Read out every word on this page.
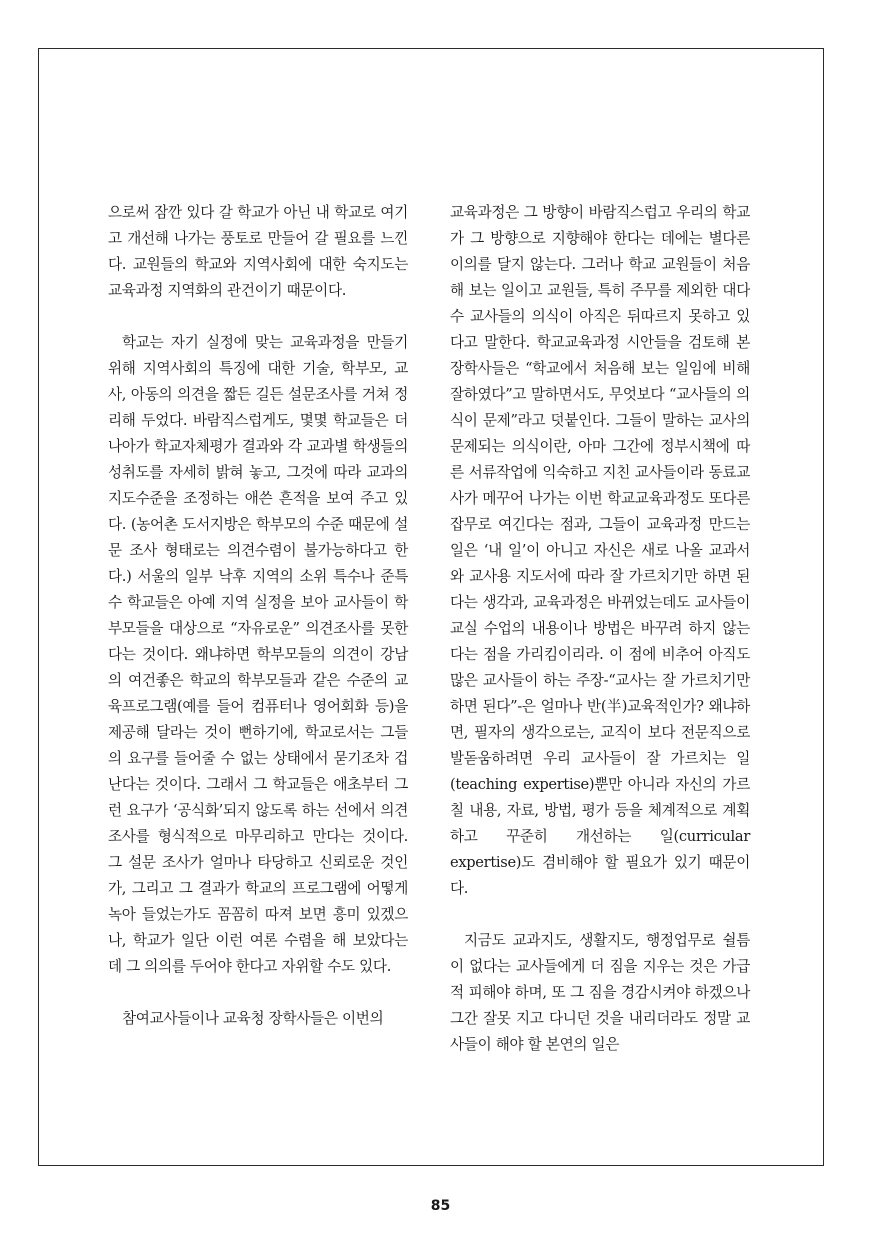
으로써 잠깐 있다 갈 학교가 아닌 내 학교로 여기고 개선해 나가는 풍토로 만들어 갈 필요를 느낀다. 교원들의 학교와 지역사회에 대한 숙지도는 교육과정 지역화의 관건이기 때문이다.

학교는 자기 실정에 맞는 교육과정을 만들기 위해 지역사회의 특징에 대한 기술, 학부모, 교사, 아동의 의견을 짧든 길든 설문조사를 거쳐 정리해 두었다. 바람직스럽게도, 몇몇 학교들은 더 나아가 학교자체평가 결과와 각 교과별 학생들의 성취도를 자세히 밝혀 놓고, 그것에 따라 교과의 지도수준을 조정하는 애쓴 흔적을 보여 주고 있다. (농어촌 도서지방은 학부모의 수준 때문에 설문 조사 형태로는 의견수렴이 불가능하다고 한다.) 서울의 일부 낙후 지역의 소위 특수나 준특수 학교들은 아예 지역 실정을 보아 교사들이 학부모들을 대상으로 “자유로운” 의견조사를 못한다는 것이다. 왜냐하면 학부모들의 의견이 강남의 여건좋은 학교의 학부모들과 같은 수준의 교육프로그램(예를 들어 컴퓨터나 영어회화 등)을 제공해 달라는 것이 뻔하기에, 학교로서는 그들의 요구를 들어줄 수 없는 상태에서 묻기조차 겁난다는 것이다. 그래서 그 학교들은 애초부터 그런 요구가 ‘공식화’되지 않도록 하는 선에서 의견조사를 형식적으로 마무리하고 만다는 것이다. 그 설문 조사가 얼마나 타당하고 신뢰로운 것인가, 그리고 그 결과가 학교의 프로그램에 어떻게 녹아 들었는가도 꼼꼼히 따져 보면 흥미 있겠으나, 학교가 일단 이런 여론 수렴을 해 보았다는 데 그 의의를 두어야 한다고 자위할 수도 있다.

참여교사들이나 교육청 장학사들은 이번의

교육과정은 그 방향이 바람직스럽고 우리의 학교가 그 방향으로 지향해야 한다는 데에는 별다른 이의를 달지 않는다. 그러나 학교 교원들이 처음 해 보는 일이고 교원들, 특히 주무를 제외한 대다수 교사들의 의식이 아직은 뒤따르지 못하고 있다고 말한다. 학교교육과정 시안들을 검토해 본 장학사들은 “학교에서 처음해 보는 일임에 비해 잘하였다”고 말하면서도, 무엇보다 “교사들의 의식이 문제”라고 덧붙인다. 그들이 말하는 교사의 문제되는 의식이란, 아마 그간에 정부시책에 따른 서류작업에 익숙하고 지친 교사들이라 동료교사가 메꾸어 나가는 이번 학교교육과정도 또다른 잡무로 여긴다는 점과, 그들이 교육과정 만드는 일은 ‘내 일’이 아니고 자신은 새로 나올 교과서와 교사용 지도서에 따라 잘 가르치기만 하면 된다는 생각과, 교육과정은 바뀌었는데도 교사들이 교실 수업의 내용이나 방법은 바꾸려 하지 않는다는 점을 가리킴이리라. 이 점에 비추어 아직도 많은 교사들이 하는 주장-“교사는 잘 가르치기만 하면 된다”-은 얼마나 반(半)교육적인가? 왜냐하면, 필자의 생각으로는, 교직이 보다 전문직으로 발돋움하려면 우리 교사들이 잘 가르치는 일(teaching expertise)뿐만 아니라 자신의 가르칠 내용, 자료, 방법, 평가 등을 체계적으로 계획하고 꾸준히 개선하는 일(curricular expertise)도 겸비해야 할 필요가 있기 때문이다.

지금도 교과지도, 생활지도, 행정업무로 쉴틈이 없다는 교사들에게 더 짐을 지우는 것은 가급적 피해야 하며, 또 그 짐을 경감시켜야 하겠으나 그간 잘못 지고 다니던 것을 내리더라도 정말 교사들이 해야 할 본연의 일은

85
